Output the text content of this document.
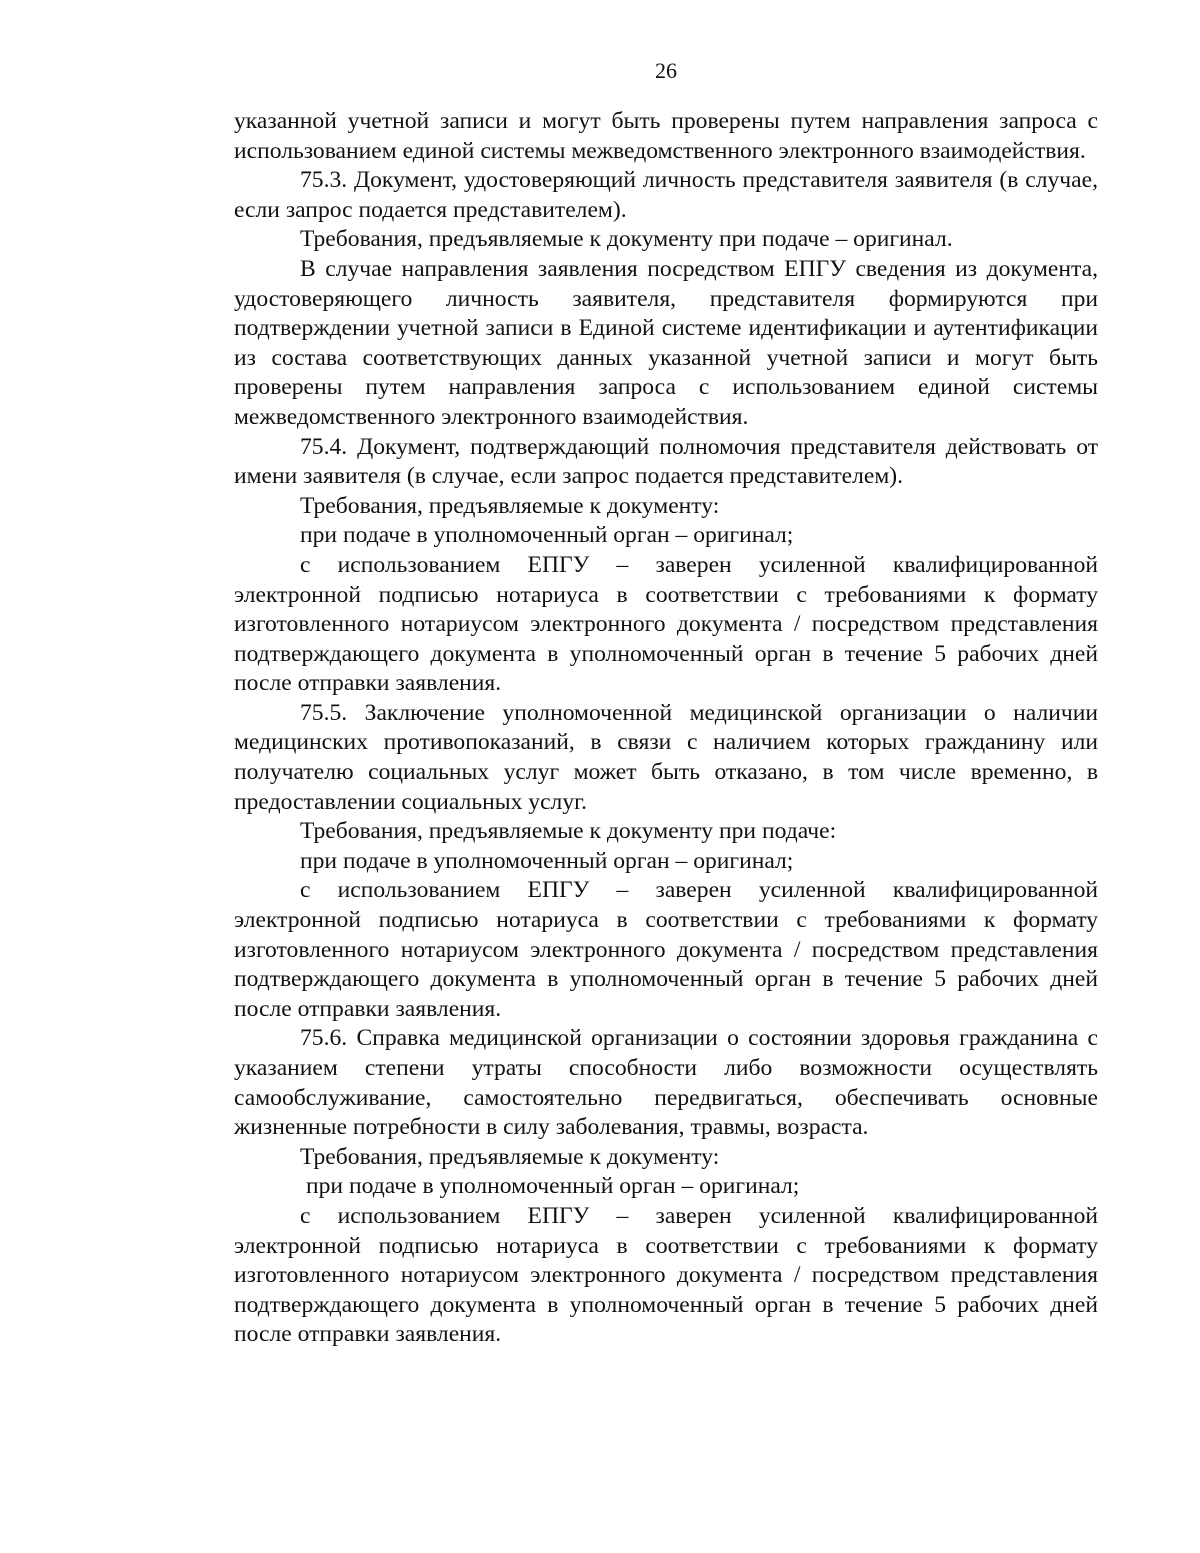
26

указанной учетной записи и могут быть проверены путем направления запроса с использованием единой системы межведомственного электронного взаимодействия.

75.3. Документ, удостоверяющий личность представителя заявителя (в случае, если запрос подается представителем).

Требования, предъявляемые к документу при подаче – оригинал.

В случае направления заявления посредством ЕПГУ сведения из документа, удостоверяющего личность заявителя, представителя формируются при подтверждении учетной записи в Единой системе идентификации и аутентификации из состава соответствующих данных указанной учетной записи и могут быть проверены путем направления запроса с использованием единой системы межведомственного электронного взаимодействия.

75.4. Документ, подтверждающий полномочия представителя действовать от имени заявителя (в случае, если запрос подается представителем).

Требования, предъявляемые к документу:

при подаче в уполномоченный орган – оригинал;

с использованием ЕПГУ – заверен усиленной квалифицированной электронной подписью нотариуса в соответствии с требованиями к формату изготовленного нотариусом электронного документа / посредством представления подтверждающего документа в уполномоченный орган в течение 5 рабочих дней после отправки заявления.

75.5. Заключение уполномоченной медицинской организации о наличии медицинских противопоказаний, в связи с наличием которых гражданину или получателю социальных услуг может быть отказано, в том числе временно, в предоставлении социальных услуг.

Требования, предъявляемые к документу при подаче:

при подаче в уполномоченный орган – оригинал;

с использованием ЕПГУ – заверен усиленной квалифицированной электронной подписью нотариуса в соответствии с требованиями к формату изготовленного нотариусом электронного документа / посредством представления подтверждающего документа в уполномоченный орган в течение 5 рабочих дней после отправки заявления.

75.6. Справка медицинской организации о состоянии здоровья гражданина с указанием степени утраты способности либо возможности осуществлять самообслуживание, самостоятельно передвигаться, обеспечивать основные жизненные потребности в силу заболевания, травмы, возраста.

Требования, предъявляемые к документу:

при подаче в уполномоченный орган – оригинал;

с использованием ЕПГУ – заверен усиленной квалифицированной электронной подписью нотариуса в соответствии с требованиями к формату изготовленного нотариусом электронного документа / посредством представления подтверждающего документа в уполномоченный орган в течение 5 рабочих дней после отправки заявления.
